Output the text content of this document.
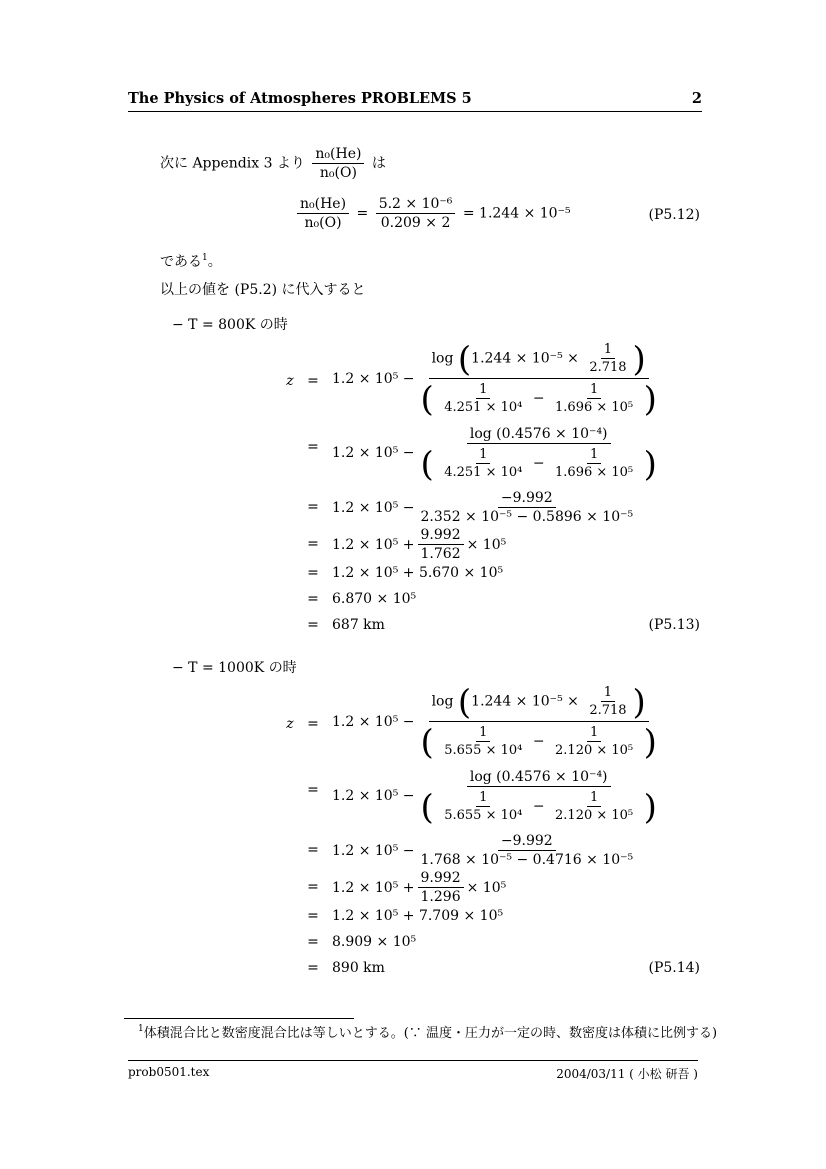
The Physics of Atmospheres PROBLEMS 5	2
次に Appendix 3 より $\frac{\text{n₀(He)}}{\text{n₀(O)}}$ は
$\frac{\text{n₀(He)}}{\text{n₀(O)}} = \frac{\text{5.2 × 10⁻⁶}}{0.209 \times 2} = 1.244 \times 10^{-5}$	(P5.12)
である$^1$。
以上の値を (P5.2) に代入すると
− T = 800K の時
z = 1.2 × 10⁵ −
$\log (1.244 \times 10^{-5} \times \frac{1}{2.718}$ )
( $\frac{1}{\text{4.251 × 10⁴}} - \frac{1}{\text{1.696 × 10⁵}}$ )
= 1.2 × 10⁵ −
log (0.4576 × 10⁻⁴)
( $\frac{1}{\text{4.251 × 10⁴}} - \frac{1}{\text{1.696 × 10⁵}}$ )
= $1.2 \times 10^5 - \frac{-9.992}{\text{2.352 × 10⁻⁵ − 0.5896 × 10⁻⁵}}$
= $1.2 \times 10^5 + \frac{9.992}{1.762} \times 10^5$
= 1.2 × 10⁵ + 5.670 × 10⁵
= 6.870 × 10⁵
= 687 km	(P5.13)
− T = 1000K の時
z = 1.2 × 10⁵ −
$\log (1.244 \times 10^{-5} \times \frac{1}{2.718}$ )
( $\frac{1}{\text{5.655 × 10⁴}} - \frac{1}{\text{2.120 × 10⁵}}$ )
= 1.2 × 10⁵ −
log (0.4576 × 10⁻⁴)
( $\frac{1}{\text{5.655 × 10⁴}} - \frac{1}{\text{2.120 × 10⁵}}$ )
= $1.2 \times 10^5 - \frac{-9.992}{\text{1.768 × 10⁻⁵ − 0.4716 × 10⁻⁵}}$
= $1.2 \times 10^5 + \frac{9.992}{1.296} \times 10^5$
= 1.2 × 10⁵ + 7.709 × 10⁵
= 8.909 × 10⁵
= 890 km	(P5.14)
$^1$体積混合比と数密度混合比は等しいとする。(∵ 温度・圧力が一定の時、数密度は体積に比例する)
prob0501.tex	2004/03/11 ( 小松 研吾 )
